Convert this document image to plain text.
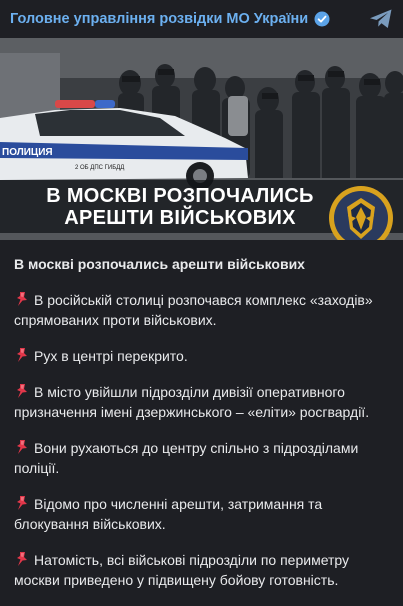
Головне управління розвідки МО України
ПОЛИЦИЯ
2 ОБ ДПС ГИБДД
В МОСКВІ РОЗПОЧАЛИСЬ
АРЕШТИ ВІЙСЬКОВИХ
В москві розпочались арешти військових
В російській столиці розпочався комплекс «заходів» спрямованих проти військових.
Рух в центрі перекрито.
В місто увійшли підрозділи дивізії оперативного призначення імені дзержинського – «еліти» росгвардії.
Вони рухаються до центру спільно з підрозділами поліції.
Відомо про численні арешти, затримання та блокування військових.
Натомість, всі військові підрозділи по периметру москви приведено у підвищену бойову готовність.
